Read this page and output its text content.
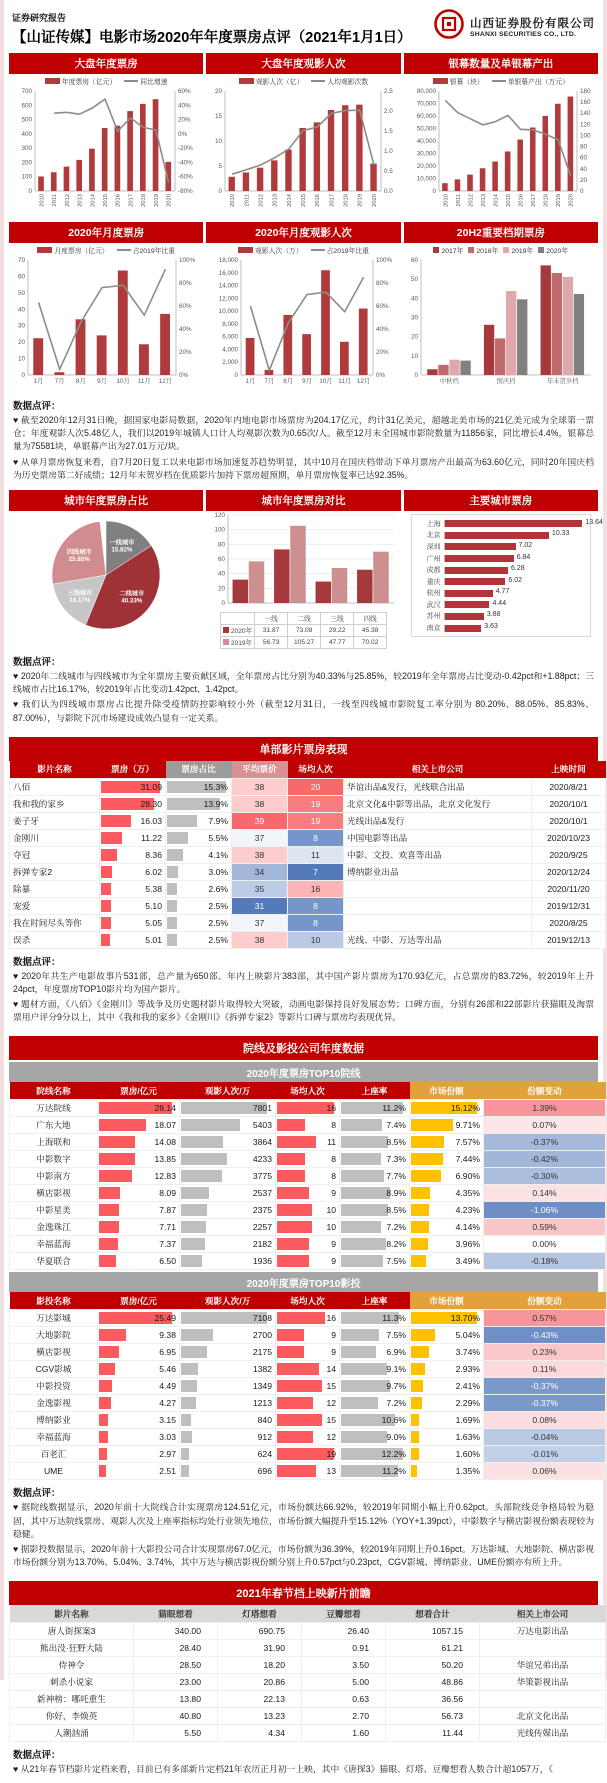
证券研究报告
【山证传媒】电影市场2020年年度票房点评（2021年1月1日）
山西证券股份有限公司
SHANXI SECURITIES CO., LTD.
大盘年度票房
年度票房（亿元）	同比增速
0
100
200
300
400
500
600
700
-80%
-60%
-40%
-20%
0%
20%
40%
60%
2010 2011 2012 2013 2014 2015 2016 2017 2018 2019 2020
大盘年度观影人次
观影人次（亿）	人均观影次数
0
5
10
15
20
0.0
0.5
1.0
1.5
2.0
2.5
2010 2011 2012 2013 2014 2015 2016 2017 2018 2019 2020
银幕数量及单银幕产出
银幕（块）	单银幕产出（万元）
0
10,000
20,000
30,000
40,000
50,000
60,000
70,000
80,000
0
20
40
60
80
100
120
140
160
180
2010 2011 2012 2013 2014 2015 2016 2017 2018 2019 2020
2020年月度票房
月度票房（亿元）	占2019年比重
0
10
20
30
40
50
60
70
0%
20%
40%
60%
80%
100%
1月 7月 8月 9月 10月 11月 12月
2020年月度观影人次
观影人次（万）	占2019年比重
0
2,000
4,000
6,000
8,000
10,000
12,000
14,000
16,000
18,000
0%
20%
40%
60%
80%
100%
1月 7月 8月 9月 10月 11月 12月
20H2重要档期票房
2017年 2018年 2019年 2020年
0
10
20
30
40
50
60
中秋档	国庆档	年末贺岁档
数据点评：

♥ 截至2020年12月31日晚，据国家电影局数据，2020年内地电影市场票房为204.17亿元，约计31亿美元，超越北美市场的21亿美元成为全球第一票仓；年度观影人次5.48亿人，我们以2019年城镇人口计人均观影次数为0.65次/人。截至12月末全国城市影院数量为11856家，同比增长4.4%，银幕总量为75581块，单银幕产出为27.01万元/块。

♥ 从单月票房恢复来看，自7月20日复工以来电影市场加速复苏趋势明显，其中10月在国庆档带动下单月票房产出最高为63.60亿元，同时20年国庆档为历史票房第二好成绩；12月年末贺岁档在优质影片加持下票房超预期，单月票房恢复率已达92.35%。

城市年度票房占比
一线城市
15.82%
二线城市
40.33%
三线城市
16.17%
四线城市
25.85%
城市年度票房对比
0
20
40
60
80
100
120
	一线	二线	三线	四线

2020年	31.87	73.08	29.22	45.38

2019年	56.73	105.27	47.77	70.02
主要城市票房
上海	13.64
北京	10.33
深圳	7.02
广州	6.84
成都	6.28
重庆	6.02
杭州	4.77
武汉	4.44
苏州	3.88
南京	3.63
数据点评：

♥ 2020年二线城市与四线城市为全年票房主要贡献区域，全年票房占比分别为40.33%与25.85%，较2019年全年票房占比变动-0.42pct和+1.88pct；三线城市占比16.17%，较2019年占比变动1.42pct、1.42pct。

♥ 我们认为四线城市票房占比提升除受疫情防控影响较小外（截至12月31日，一线至四线城市影院复工率分别为 80.20%、88.05%、85.83%、87.00%），与影院下沉市场建设成效凸显有一定关系。

单部影片票房表现
影片名称	票房（万）	票房占比	平均票价	场均人次	相关上市公司	上映时间
八佰	31.09	15.3%	38	20	华谊出品&发行，光线联合出品	2020/8/21
我和我的家乡	28.30	13.9%	38	19	北京文化&中影等出品，北京文化发行	2020/10/1
姜子牙	16.03	7.9%	39	19	光线出品&发行	2020/10/1
金刚川	11.22	5.5%	37	8	中国电影等出品	2020/10/23
夺冠	8.36	4.1%	38	11	中影、文投、欢喜等出品	2020/9/25
拆弹专家2	6.02	3.0%	34	7	博纳影业出品	2020/12/24
除暴	5.38	2.6%	35	16		2020/11/20
宠爱	5.10	2.5%	31	8		2019/12/31
我在时间尽头等你	5.05	2.5%	37	8		2020/8/25
误杀	5.01	2.5%	38	10	光线、中影、万达等出品	2019/12/13
数据点评：

♥ 2020年共生产电影故事片531部，总产量为650部。年内上映影片383部，其中国产影片票房为170.93亿元，占总票房的83.72%，较2019年上升24pct，年度票房TOP10影片均为国产影片。

♥ 题材方面，《八佰》《金刚川》等战争及历史题材影片取得较大突破，动画电影保持良好发展态势；口碑方面，分别有26部和22部影片获猫眼及淘票票用户评分9分以上，其中《我和我的家乡》《金刚川》《拆弹专家2》等影片口碑与票房均表现优异。

院线及影投公司年度数据
2020年度票房TOP10院线
院线名称	票房/亿元	观影人次/万	场均人次	上座率	市场份额	份额变动
万达院线	28.14	7801	16	11.2%	15.12%	1.39%
广东大地	18.07	5403	8	7.4%	9.71%	0.07%
上海联和	14.08	3864	11	8.5%	7.57%	-0.37%
中影数字	13.85	4233	8	7.3%	7.44%	-0.42%
中影南方	12.83	3775	8	7.7%	6.90%	-0.30%
横店影视	8.09	2537	9	8.9%	4.35%	0.14%
中影星美	7.87	2375	10	8.5%	4.23%	-1.06%
金逸珠江	7.71	2257	10	7.2%	4.14%	0.59%
幸福蓝海	7.37	2182	9	8.2%	3.96%	0.00%
华夏联合	6.50	1936	9	7.5%	3.49%	-0.18%
2020年度票房TOP10影投
影投名称	票房/亿元	观影人次/万	场均人次	上座率	市场份额	份额变动
万达影城	25.49	7108	16	11.3%	13.70%	0.57%
大地影院	9.38	2700	9	7.5%	5.04%	-0.43%
横店影视	6.95	2175	9	6.9%	3.74%	0.23%
CGV影城	5.46	1382	14	9.1%	2.93%	0.11%
中影投资	4.49	1349	15	9.7%	2.41%	-0.37%
金逸影视	4.27	1213	12	7.2%	2.29%	-0.37%
博纳影业	3.15	840	15	10.6%	1.69%	0.08%
幸福蓝海	3.03	912	12	9.0%	1.63%	-0.04%
百老汇	2.97	624	19	12.2%	1.60%	-0.01%
UME	2.51	696	13	11.2%	1.35%	0.06%
数据点评：

♥ 据院线数据显示，2020年前十大院线合计实现票房124.51亿元，市场份额达66.92%，较2019年同期小幅上升0.62pct。头部院线竞争格局较为稳固，其中万达院线票房、观影人次及上座率指标均处行业领先地位，市场份额大幅提升至15.12%（YOY+1.39pct），中影数字与横店影视份额表现较为稳健。

♥ 据影投数据显示，2020年前十大影投公司合计实现票房67.0亿元，市场份额为36.39%，较2019年同期上升0.16pct。万达影城、大地影院、横店影视市场份额分别为13.70%、5.04%、3.74%，其中万达与横店影视份额分别上升0.57pct与0.23pct，CGV影城、博纳影业、UME份额亦有所上升。

2021年春节档上映新片前瞻
影片名称	猫眼想看	灯塔想看	豆瓣想看	想看合计	相关上市公司
唐人街探案3	340.00	690.75	26.40	1057.15	万达电影出品
熊出没·狂野大陆	28.40	31.90	0.91	61.21	
侍神令	28.50	18.20	3.50	50.20	华谊兄弟出品
刺杀小说家	23.00	20.86	5.00	48.86	华策影视出品
新神榜：哪吒重生	13.80	22.13	0.63	36.56	
你好，李焕英	40.80	13.23	2.70	56.73	北京文化出品
人潮汹涌	5.50	4.34	1.60	11.44	光线传媒出品
数据点评：

♥ 从21年春节档影片定档来看，目前已有多部新片定档21年农历正月初一上映，其中《唐探3》猫眼、灯塔、豆瓣想看人数合计超1057万，《
